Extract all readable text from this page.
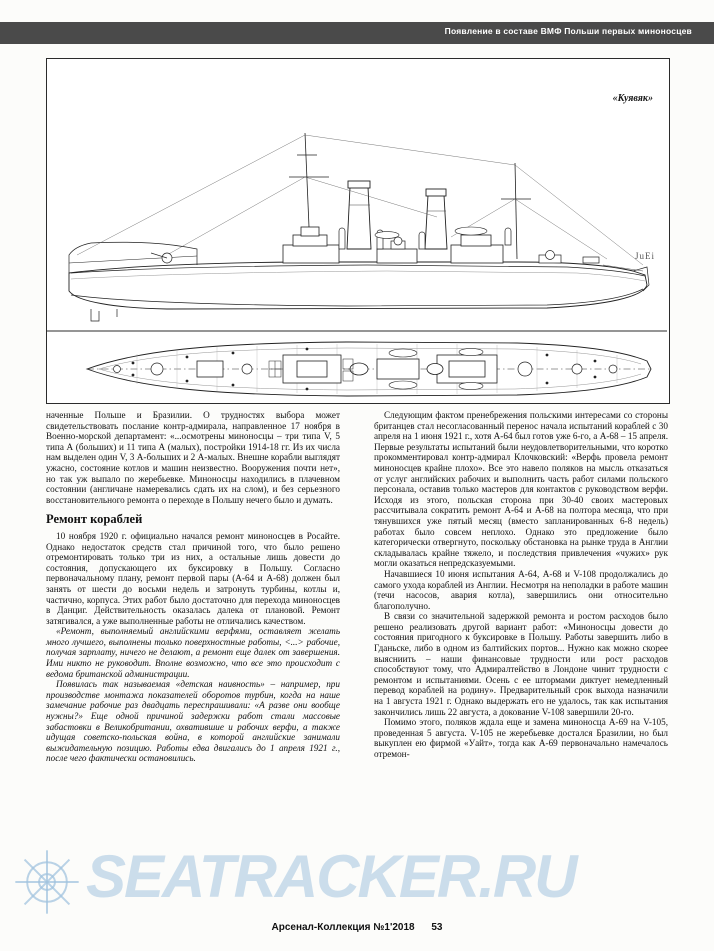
Появление в составе ВМФ Польши первых миноносцев
«Куявяк»
JuEi

наченные Польше и Бразилии. О трудностях выбора может свидетельствовать послание контр-адмирала, направленное 17 ноября в Военно-морской департамент: «...осмотрены миноносцы – три типа V, 5 типа А (больших) и 11 типа А (малых), постройки 1914-18 гг. Из их числа нам выделен один V, 3 А-больших и 2 А-малых. Внешне корабли выглядят ужасно, состояние котлов и машин неизвестно. Вооружения почти нет», но так уж выпало по жеребьевке. Миноносцы находились в плачевном состоянии (англичане намеревались сдать их на слом), и без серьезного восстановительного ремонта о переходе в Польшу нечего было и думать.

Ремонт кораблей

10 ноября 1920 г. официально начался ремонт миноносцев в Росайте. Однако недостаток средств стал причиной того, что было решено отремонтировать только три из них, а остальные лишь довести до состояния, допускающего их буксировку в Польшу. Согласно первоначальному плану, ремонт первой пары (А-64 и А-68) должен был занять от шести до восьми недель и затронуть турбины, котлы и, частично, корпуса. Этих работ было достаточно для перехода миноносцев в Данциг. Действительность оказалась далека от плановой. Ремонт затягивался, а уже выполненные работы не отличались качеством.

«Ремонт, выполняемый английскими верфями, оставляет желать много лучшего, выполнены только поверхностные работы, <...> рабочие, получая зарплату, ничего не делают, а ремонт еще далек от завершения. Ими никто не руководит. Вполне возможно, что все это происходит с ведома британской администрации.

Появилась так называемая «детская наивность» – например, при производстве монтажа показателей оборотов турбин, когда на наше замечание рабочие раз двадцать переспрашивали: «А разве они вообще нужны?» Еще одной причиной задержки работ стали массовые забастовки в Великобритании, охватившие и рабочих верфи, а также идущая советско-польская война, в которой английские занимали выжидательную позицию. Работы едва двигались до 1 апреля 1921 г., после чего фактически остановились.

Следующим фактом пренебрежения польскими интересами со стороны британцев стал несогласованный перенос начала испытаний кораблей с 30 апреля на 1 июня 1921 г., хотя А-64 был готов уже 6-го, а А-68 – 15 апреля. Первые результаты испытаний были неудовлетворительными, что коротко прокомментировал контр-адмирал Клочковский: «Верфь провела ремонт миноносцев крайне плохо». Все это навело поляков на мысль отказаться от услуг английских рабочих и выполнить часть работ силами польского персонала, оставив только мастеров для контактов с руководством верфи. Исходя из этого, польская сторона при 30-40 своих мастеровых расcчитывала сократить ремонт А-64 и А-68 на полтора месяца, что при тянувшихся уже пятый месяц (вместо запланированных 6-8 недель) работах было совсем неплохо. Однако это предложение было категорически отвергнуто, поскольку обстановка на рынке труда в Англии складывалась крайне тяжело, и последствия привлечения «чужих» рук могли оказаться непредсказуемыми.

Начавшиеся 10 июня испытания А-64, А-68 и V-108 продолжались до самого ухода кораблей из Англии. Несмотря на неполадки в работе машин (течи насосов, авария котла), завершились они относительно благополучно.

В связи со значительной задержкой ремонта и ростом расходов было решено реализовать другой вариант работ: «Миноносцы довести до состояния пригодного к буксировке в Польшу. Работы завершить либо в Гданьске, либо в одном из балтийских портов... Нужно как можно скорее выясниить – наши финансовые трудности или рост расходов способствуют тому, что Адмиралтейство в Лондоне чинит трудности с ремонтом и испытаниями. Осень с ее штормами диктует немедленный перевод кораблей на родину». Предварительный срок выхода назначили на 1 августа 1921 г. Однако выдержать его не удалось, так как испытания закончились лишь 22 августа, а докование V-108 завершили 20-го.

Помимо этого, поляков ждала еще и замена миноносца А-69 на V-105, проведенная 5 августа. V-105 не жеребьевке достался Бразилии, но был выкуплен ею фирмой «Уайт», тогда как А-69 первоначально намечалось отремон-

SEATRACKER.RU
Арсенал-Коллекция №1'2018 53
